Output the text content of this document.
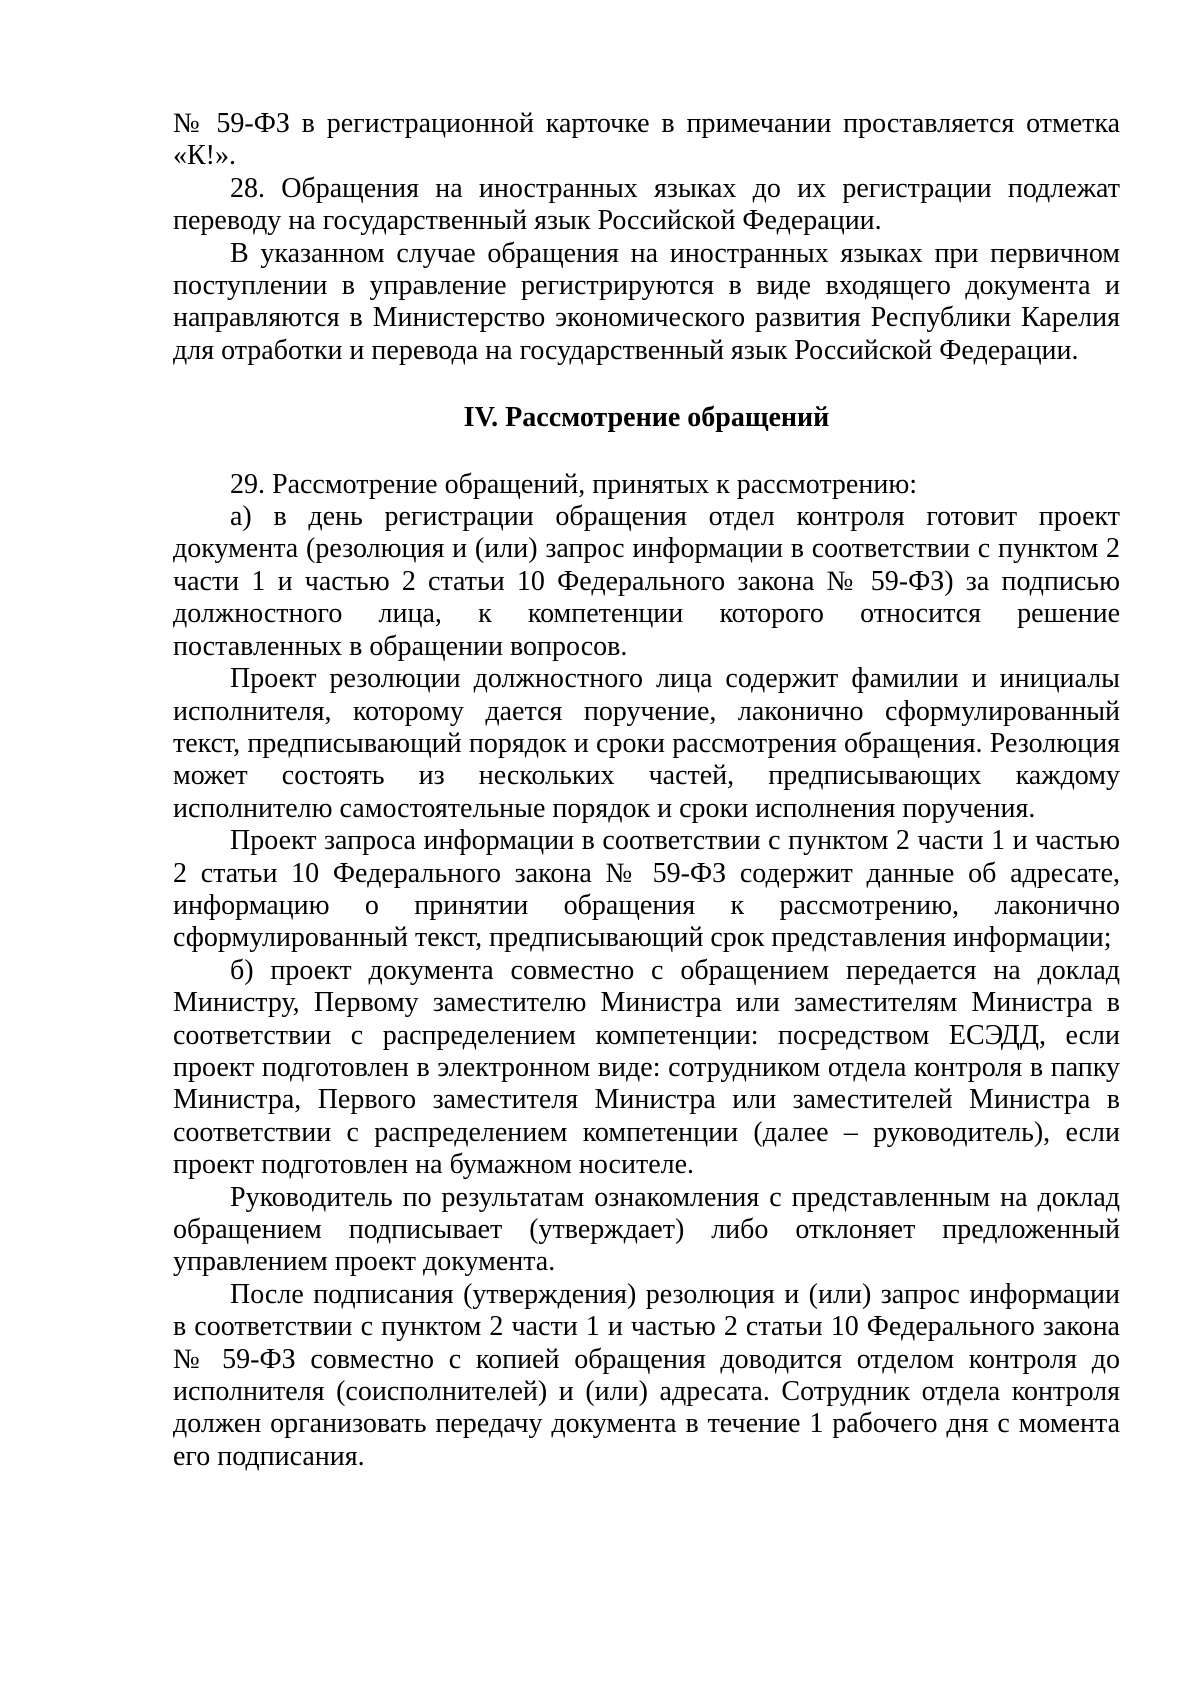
№ 59-ФЗ в регистрационной карточке в примечании проставляется отметка «К!».

28. Обращения на иностранных языках до их регистрации подлежат переводу на государственный язык Российской Федерации.

В указанном случае обращения на иностранных языках при первичном поступлении в управление регистрируются в виде входящего документа и направляются в Министерство экономического развития Республики Карелия для отработки и перевода на государственный язык Российской Федерации.

IV. Рассмотрение обращений

29. Рассмотрение обращений, принятых к рассмотрению:

а) в день регистрации обращения отдел контроля готовит проект документа (резолюция и (или) запрос информации в соответствии с пунктом 2 части 1 и частью 2 статьи 10 Федерального закона № 59-ФЗ) за подписью должностного лица, к компетенции которого относится решение поставленных в обращении вопросов.

Проект резолюции должностного лица содержит фамилии и инициалы исполнителя, которому дается поручение, лаконично сформулированный текст, предписывающий порядок и сроки рассмотрения обращения. Резолюция может состоять из нескольких частей, предписывающих каждому исполнителю самостоятельные порядок и сроки исполнения поручения.

Проект запроса информации в соответствии с пунктом 2 части 1 и частью 2 статьи 10 Федерального закона № 59-ФЗ содержит данные об адресате, информацию о принятии обращения к рассмотрению, лаконично сформулированный текст, предписывающий срок представления информации;

б) проект документа совместно с обращением передается на доклад Министру, Первому заместителю Министра или заместителям Министра в соответствии с распределением компетенции: посредством ЕСЭДД, если проект подготовлен в электронном виде: сотрудником отдела контроля в папку Министра, Первого заместителя Министра или заместителей Министра в соответствии с распределением компетенции (далее – руководитель), если проект подготовлен на бумажном носителе.

Руководитель по результатам ознакомления с представленным на доклад обращением подписывает (утверждает) либо отклоняет предложенный управлением проект документа.

После подписания (утверждения) резолюция и (или) запрос информации в соответствии с пунктом 2 части 1 и частью 2 статьи 10 Федерального закона № 59-ФЗ совместно с копией обращения доводится отделом контроля до исполнителя (соисполнителей) и (или) адресата. Сотрудник отдела контроля должен организовать передачу документа в течение 1 рабочего дня с момента его подписания.
